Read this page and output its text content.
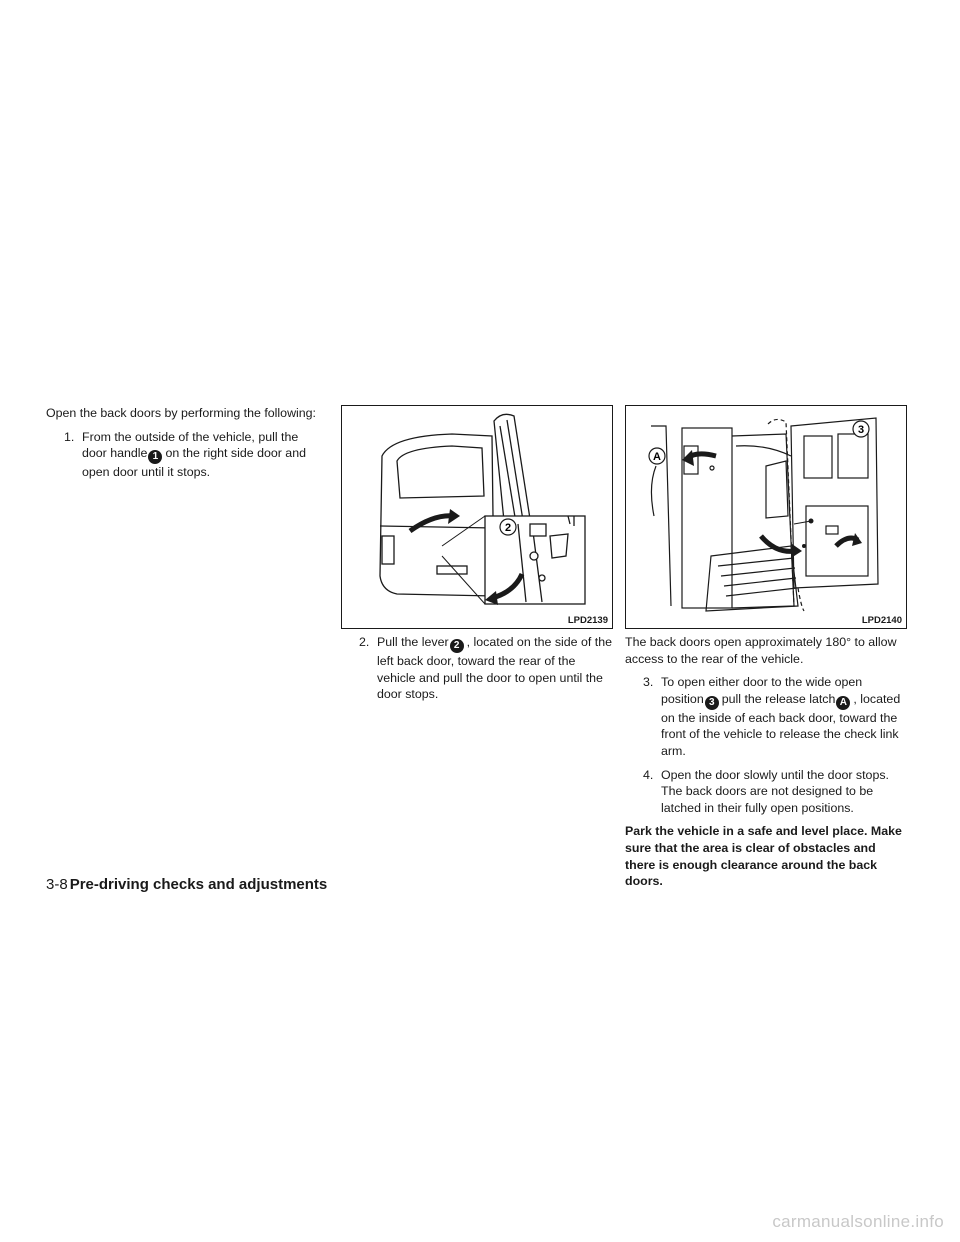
Open the back doors by performing the following:

1. From the outside of the vehicle, pull the door handle 1 on the right side door and open door until it stops.

2
LPD2139

2. Pull the lever 2 , located on the side of the left back door, toward the rear of the vehicle and pull the door to open until the door stops.

A
3
LPD2140

The back doors open approximately 180° to allow access to the rear of the vehicle.

3. To open either door to the wide open position 3 pull the release latch A , located on the inside of each back door, toward the front of the vehicle to release the check link arm.

4. Open the door slowly until the door stops. The back doors are not designed to be latched in their fully open positions.

Park the vehicle in a safe and level place. Make sure that the area is clear of obstacles and there is enough clearance around the back doors.

3-8 Pre-driving checks and adjustments
carmanualsonline.info
